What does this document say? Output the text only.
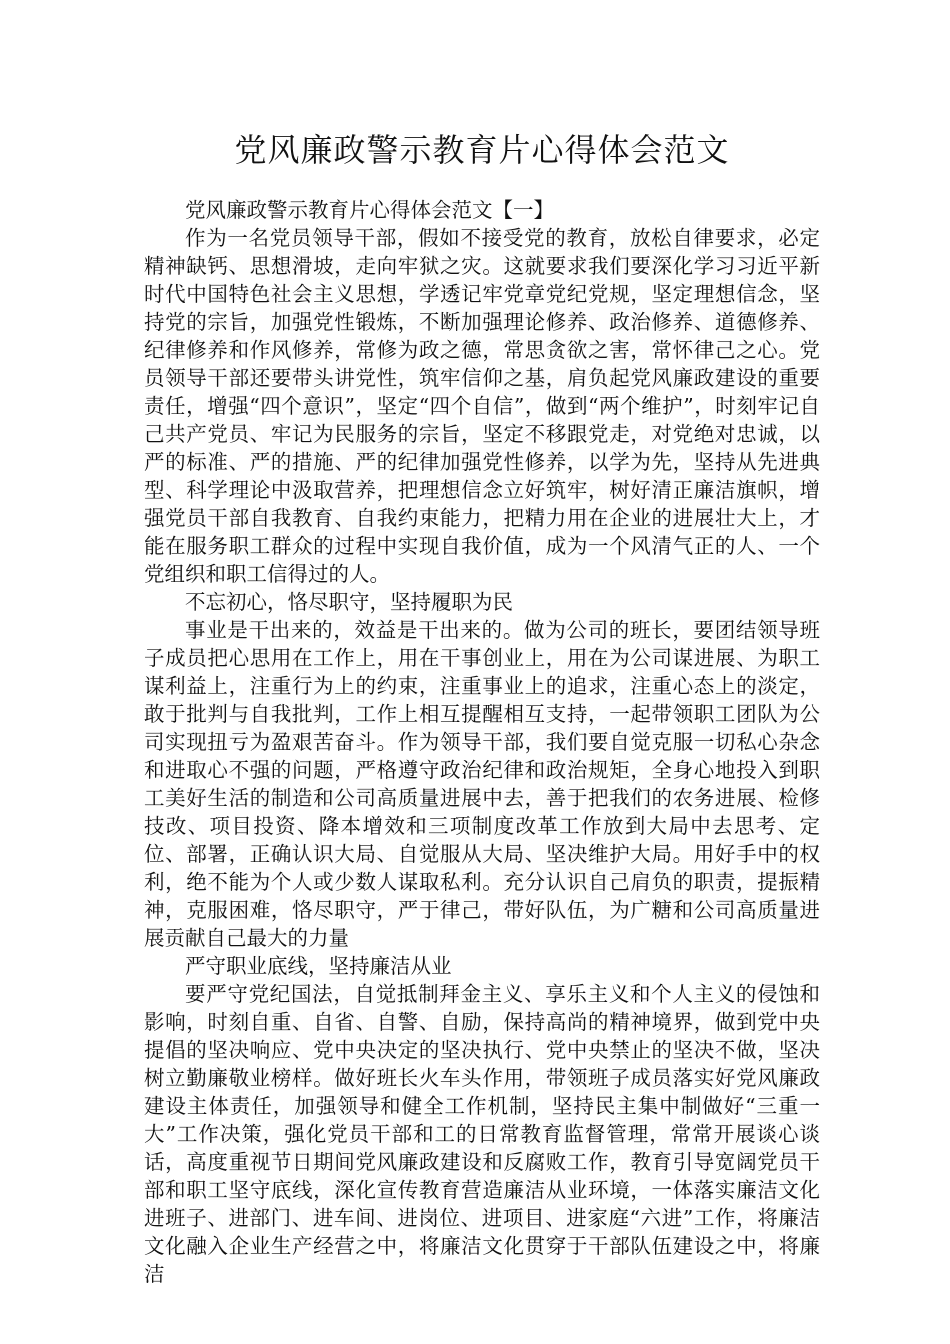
党风廉政警示教育片心得体会范文

党风廉政警示教育片心得体会范文【一】

作为一名党员领导干部，假如不接受党的教育，放松自律要求，必定精神缺钙、思想滑坡，走向牢狱之灾。这就要求我们要深化学习习近平新时代中国特色社会主义思想，学透记牢党章党纪党规，坚定理想信念，坚持党的宗旨，加强党性锻炼，不断加强理论修养、政治修养、道德修养、纪律修养和作风修养，常修为政之德，常思贪欲之害，常怀律己之心。党员领导干部还要带头讲党性，筑牢信仰之基，肩负起党风廉政建设的重要责任，增强“四个意识”，坚定“四个自信”，做到“两个维护”，时刻牢记自己共产党员、牢记为民服务的宗旨，坚定不移跟党走，对党绝对忠诚，以严的标准、严的措施、严的纪律加强党性修养，以学为先，坚持从先进典型、科学理论中汲取营养，把理想信念立好筑牢，树好清正廉洁旗帜，增强党员干部自我教育、自我约束能力，把精力用在企业的进展壮大上，才能在服务职工群众的过程中实现自我价值，成为一个风清气正的人、一个党组织和职工信得过的人。

不忘初心，恪尽职守，坚持履职为民

事业是干出来的，效益是干出来的。做为公司的班长，要团结领导班子成员把心思用在工作上，用在干事创业上，用在为公司谋进展、为职工谋利益上，注重行为上的约束，注重事业上的追求，注重心态上的淡定，敢于批判与自我批判，工作上相互提醒相互支持，一起带领职工团队为公司实现扭亏为盈艰苦奋斗。作为领导干部，我们要自觉克服一切私心杂念和进取心不强的问题，严格遵守政治纪律和政治规矩，全身心地投入到职工美好生活的制造和公司高质量进展中去，善于把我们的农务进展、检修技改、项目投资、降本增效和三项制度改革工作放到大局中去思考、定位、部署，正确认识大局、自觉服从大局、坚决维护大局。用好手中的权利，绝不能为个人或少数人谋取私利。充分认识自己肩负的职责，提振精神，克服困难，恪尽职守，严于律己，带好队伍，为广糖和公司高质量进展贡献自己最大的力量

严守职业底线，坚持廉洁从业

要严守党纪国法，自觉抵制拜金主义、享乐主义和个人主义的侵蚀和影响，时刻自重、自省、自警、自励，保持高尚的精神境界，做到党中央提倡的坚决响应、党中央决定的坚决执行、党中央禁止的坚决不做，坚决树立勤廉敬业榜样。做好班长火车头作用，带领班子成员落实好党风廉政建设主体责任，加强领导和健全工作机制，坚持民主集中制做好“三重一大”工作决策，强化党员干部和工的日常教育监督管理，常常开展谈心谈话，高度重视节日期间党风廉政建设和反腐败工作，教育引导宽阔党员干部和职工坚守底线，深化宣传教育营造廉洁从业环境，一体落实廉洁文化进班子、进部门、进车间、进岗位、进项目、进家庭“六进”工作，将廉洁文化融入企业生产经营之中，将廉洁文化贯穿于干部队伍建设之中，将廉洁
